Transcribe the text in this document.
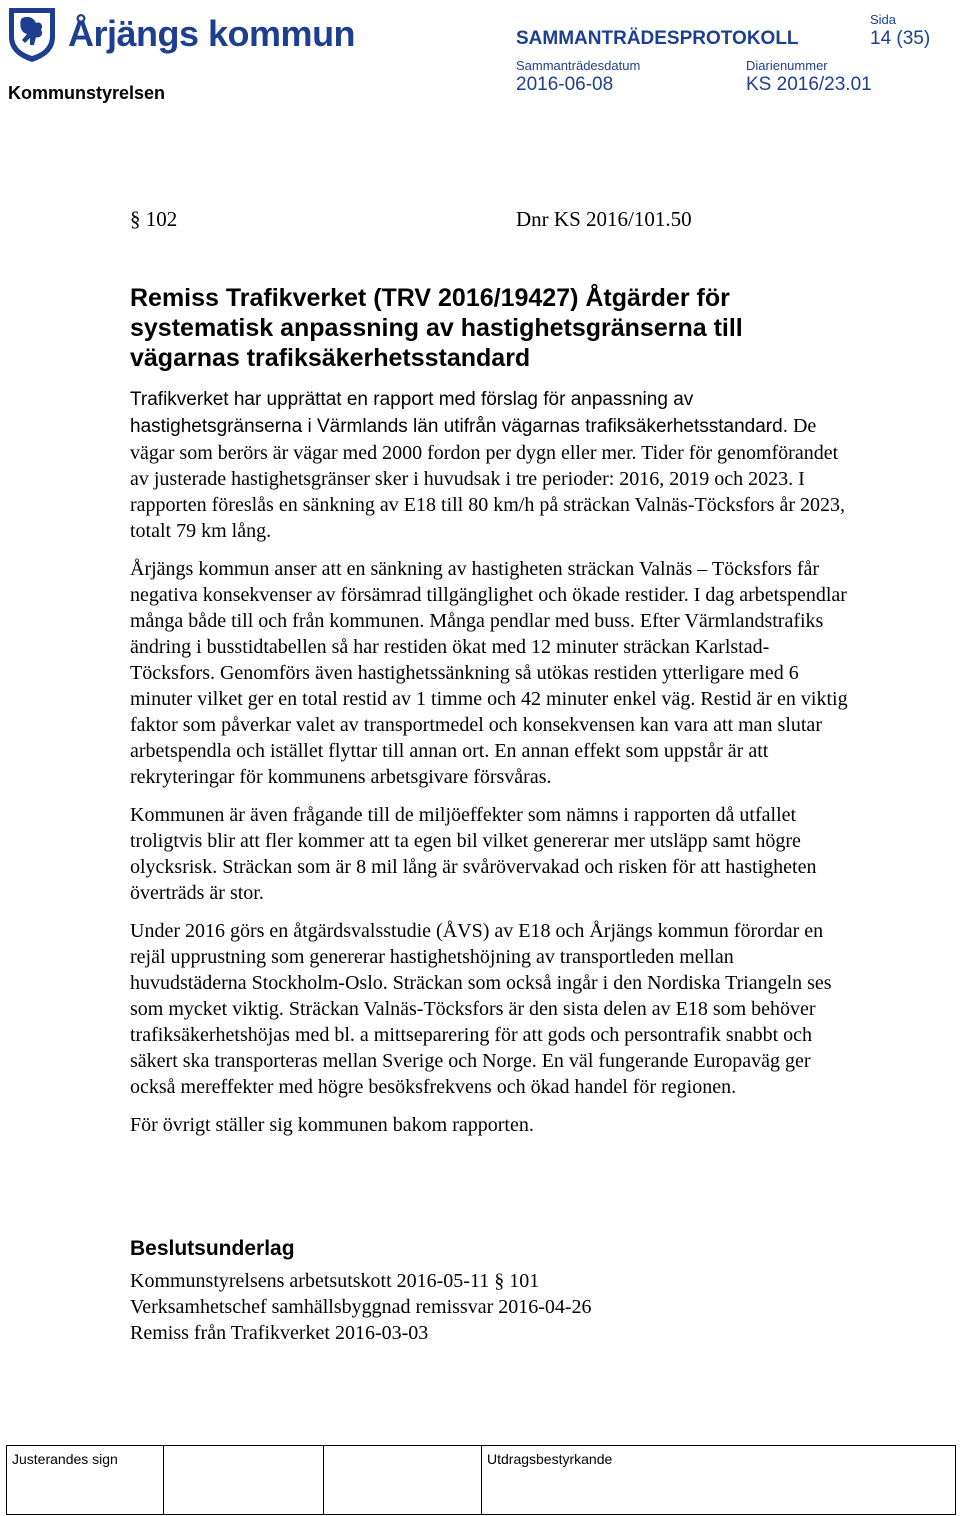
Årjängs kommun
Kommunstyrelsen
SAMMANTRÄDESPROTOKOLL
Sida
14 (35)
Sammanträdesdatum
2016-06-08
Diarienummer
KS 2016/23.01
§ 102	Dnr KS 2016/101.50
Remiss Trafikverket (TRV 2016/19427) Åtgärder för systematisk anpassning av hastighetsgränserna till vägarnas trafiksäkerhetsstandard

Trafikverket har upprättat en rapport med förslag för anpassning av hastighetsgränserna i Värmlands län utifrån vägarnas trafiksäkerhetsstandard. De vägar som berörs är vägar med 2000 fordon per dygn eller mer. Tider för genomförandet av justerade hastighetsgränser sker i huvudsak i tre perioder: 2016, 2019 och 2023. I rapporten föreslås en sänkning av E18 till 80 km/h på sträckan Valnäs-Töcksfors år 2023, totalt 79 km lång.

Årjängs kommun anser att en sänkning av hastigheten sträckan Valnäs – Töcksfors får negativa konsekvenser av försämrad tillgänglighet och ökade restider. I dag arbetspendlar många både till och från kommunen. Många pendlar med buss. Efter Värmlandstrafiks ändring i busstidtabellen så har restiden ökat med 12 minuter sträckan Karlstad-Töcksfors. Genomförs även hastighetssänkning så utökas restiden ytterligare med 6 minuter vilket ger en total restid av 1 timme och 42 minuter enkel väg. Restid är en viktig faktor som påverkar valet av transportmedel och konsekvensen kan vara att man slutar arbetspendla och istället flyttar till annan ort. En annan effekt som uppstår är att rekryteringar för kommunens arbetsgivare försvåras.

Kommunen är även frågande till de miljöeffekter som nämns i rapporten då utfallet troligtvis blir att fler kommer att ta egen bil vilket genererar mer utsläpp samt högre olycksrisk. Sträckan som är 8 mil lång är svårövervakad och risken för att hastigheten överträds är stor.

Under 2016 görs en åtgärdsvalsstudie (ÅVS) av E18 och Årjängs kommun förordar en rejäl upprustning som genererar hastighetshöjning av transportleden mellan huvudstäderna Stockholm-Oslo. Sträckan som också ingår i den Nordiska Triangeln ses som mycket viktig. Sträckan Valnäs-Töcksfors är den sista delen av E18 som behöver trafiksäkerhetshöjas med bl. a mittseparering för att gods och persontrafik snabbt och säkert ska transporteras mellan Sverige och Norge. En väl fungerande Europaväg ger också mereffekter med högre besöksfrekvens och ökad handel för regionen.

För övrigt ställer sig kommunen bakom rapporten.

Beslutsunderlag
Kommunstyrelsens arbetsutskott 2016-05-11 § 101
Verksamhetschef samhällsbyggnad remissvar 2016-04-26
Remiss från Trafikverket 2016-03-03
Justerandes sign	Utdragsbestyrkande
